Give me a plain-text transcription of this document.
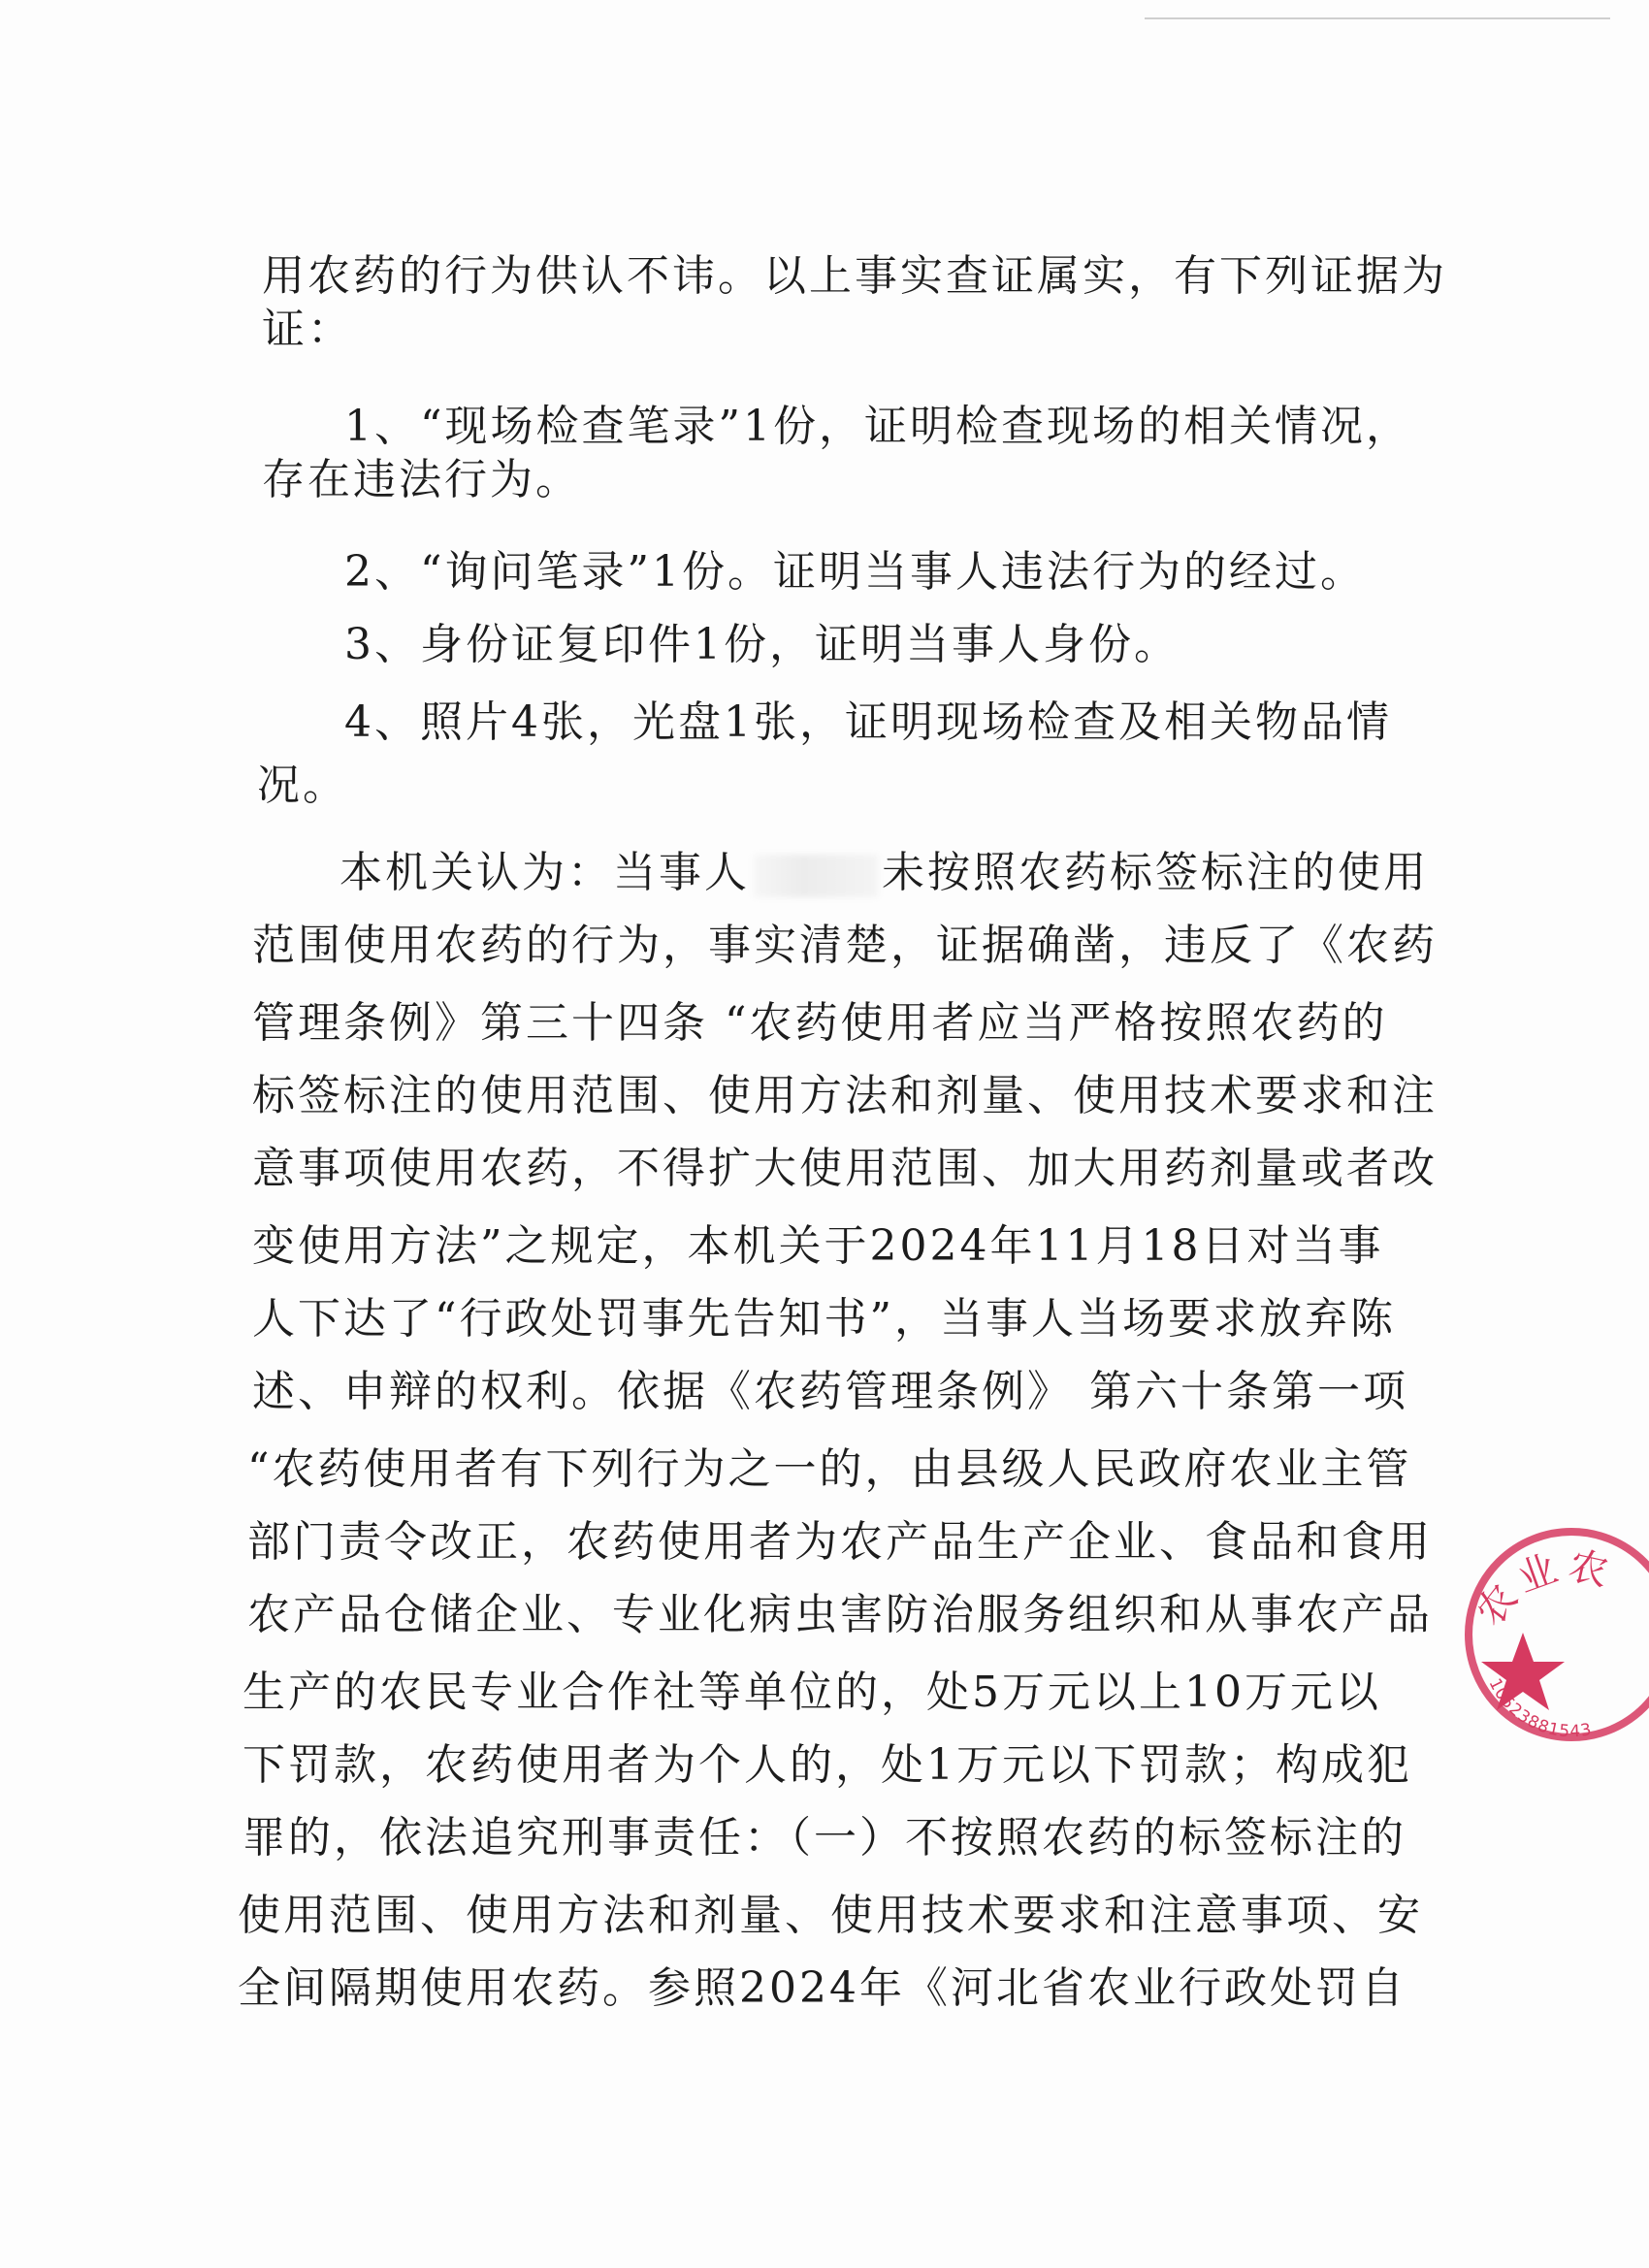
用农药的行为供认不讳。以上事实查证属实，有下列证据为
证：
1、“现场检查笔录”1份，证明检查现场的相关情况，
存在违法行为。
2、“询问笔录”1份。证明当事人违法行为的经过。
3、身份证复印件1份，证明当事人身份。
4、照片4张，光盘1张，证明现场检查及相关物品情
况。
本机关认为：当事人	未按照农药标签标注的使用
范围使用农药的行为，事实清楚，证据确凿，违反了《农药
管理条例》第三十四条 “农药使用者应当严格按照农药的
标签标注的使用范围、使用方法和剂量、使用技术要求和注
意事项使用农药，不得扩大使用范围、加大用药剂量或者改
变使用方法”之规定，本机关于2024年11月18日对当事
人下达了“行政处罚事先告知书”，当事人当场要求放弃陈
述、申辩的权利。依据《农药管理条例》 第六十条第一项
“农药使用者有下列行为之一的，由县级人民政府农业主管
部门责令改正，农药使用者为农产品生产企业、食品和食用
农产品仓储企业、专业化病虫害防治服务组织和从事农产品
生产的农民专业合作社等单位的，处5万元以上10万元以
下罚款，农药使用者为个人的，处1万元以下罚款；构成犯
罪的，依法追究刑事责任：（一）不按照农药的标签标注的
使用范围、使用方法和剂量、使用技术要求和注意事项、安
全间隔期使用农药。参照2024年《河北省农业行政处罚自
农业农
10523881543
